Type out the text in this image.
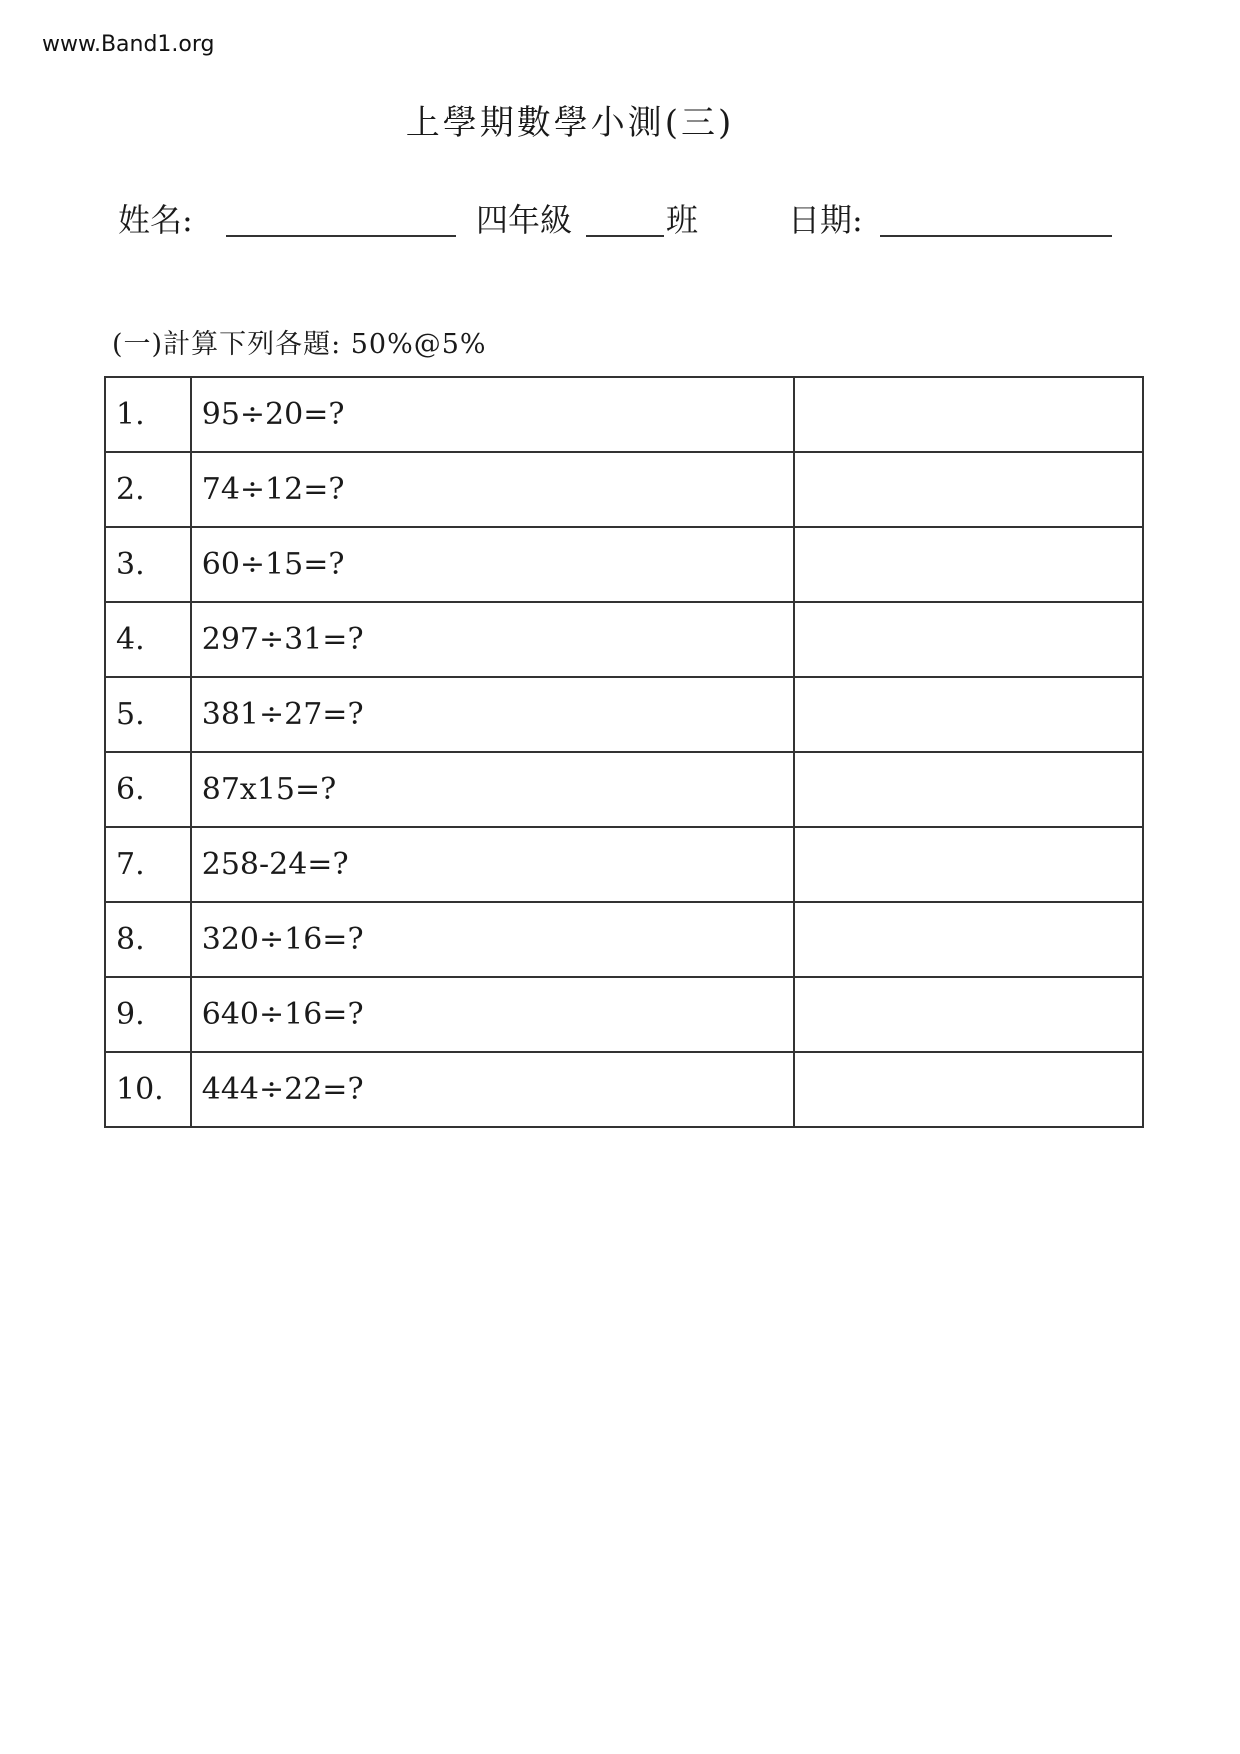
www.Band1.org
上學期數學小測(三)
姓名:	四年級	班	日期:
(一)計算下列各題: 50%@5%
1.	95÷20=?	
2.	74÷12=?	
3.	60÷15=?	
4.	297÷31=?	
5.	381÷27=?	
6.	87x15=?	
7.	258-24=?	
8.	320÷16=?	
9.	640÷16=?	
10.	444÷22=?	
